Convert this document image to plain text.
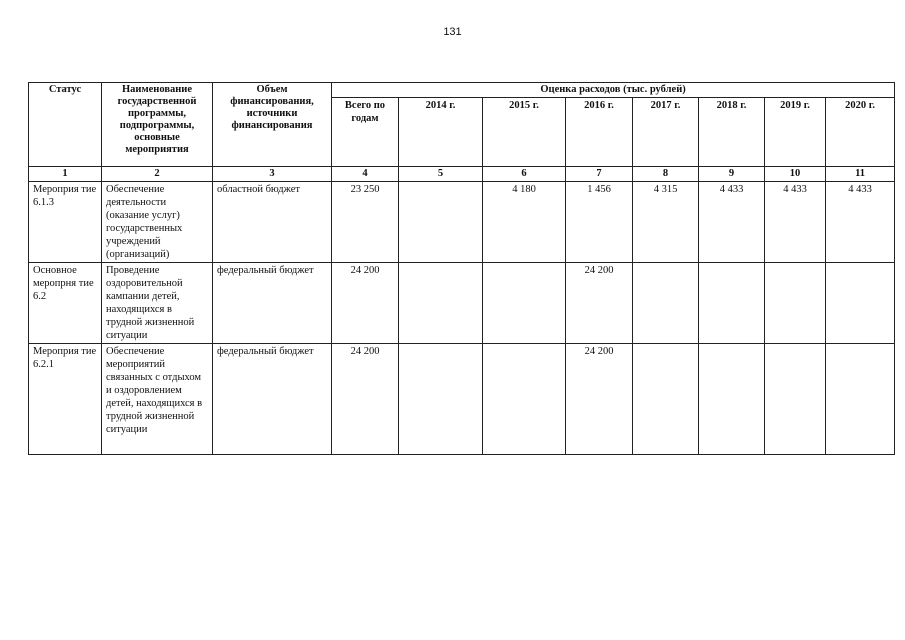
131
Статус	Наименование государственной программы, подпрограммы, основные мероприятия	Объем финансирования, источники финансирования	Оценка расходов (тыс. рублей)							
			Всего по годам	2014 г.	2015 г.	2016 г.	2017 г.	2018 г.	2019 г.	2020 г.
1	2	3	4	5	6	7	8	9	10	11
Мероприя тие 6.1.3	Обеспечение деятельности (оказание услуг) государственных учреждений (организаций)	областной бюджет	23 250		4 180	1 456	4 315	4 433	4 433	4 433
Основное меропрня тие 6.2	Проведение оздоровительной кампании детей, находящихся в трудной жизненной ситуации	федеральный бюджет	24 200			24 200				
Мероприя тие 6.2.1	Обеспечение мероприятий связанных с отдыхом и оздоровлением детей, находящихся в трудной жизненной ситуации	федеральный бюджет	24 200			24 200				
